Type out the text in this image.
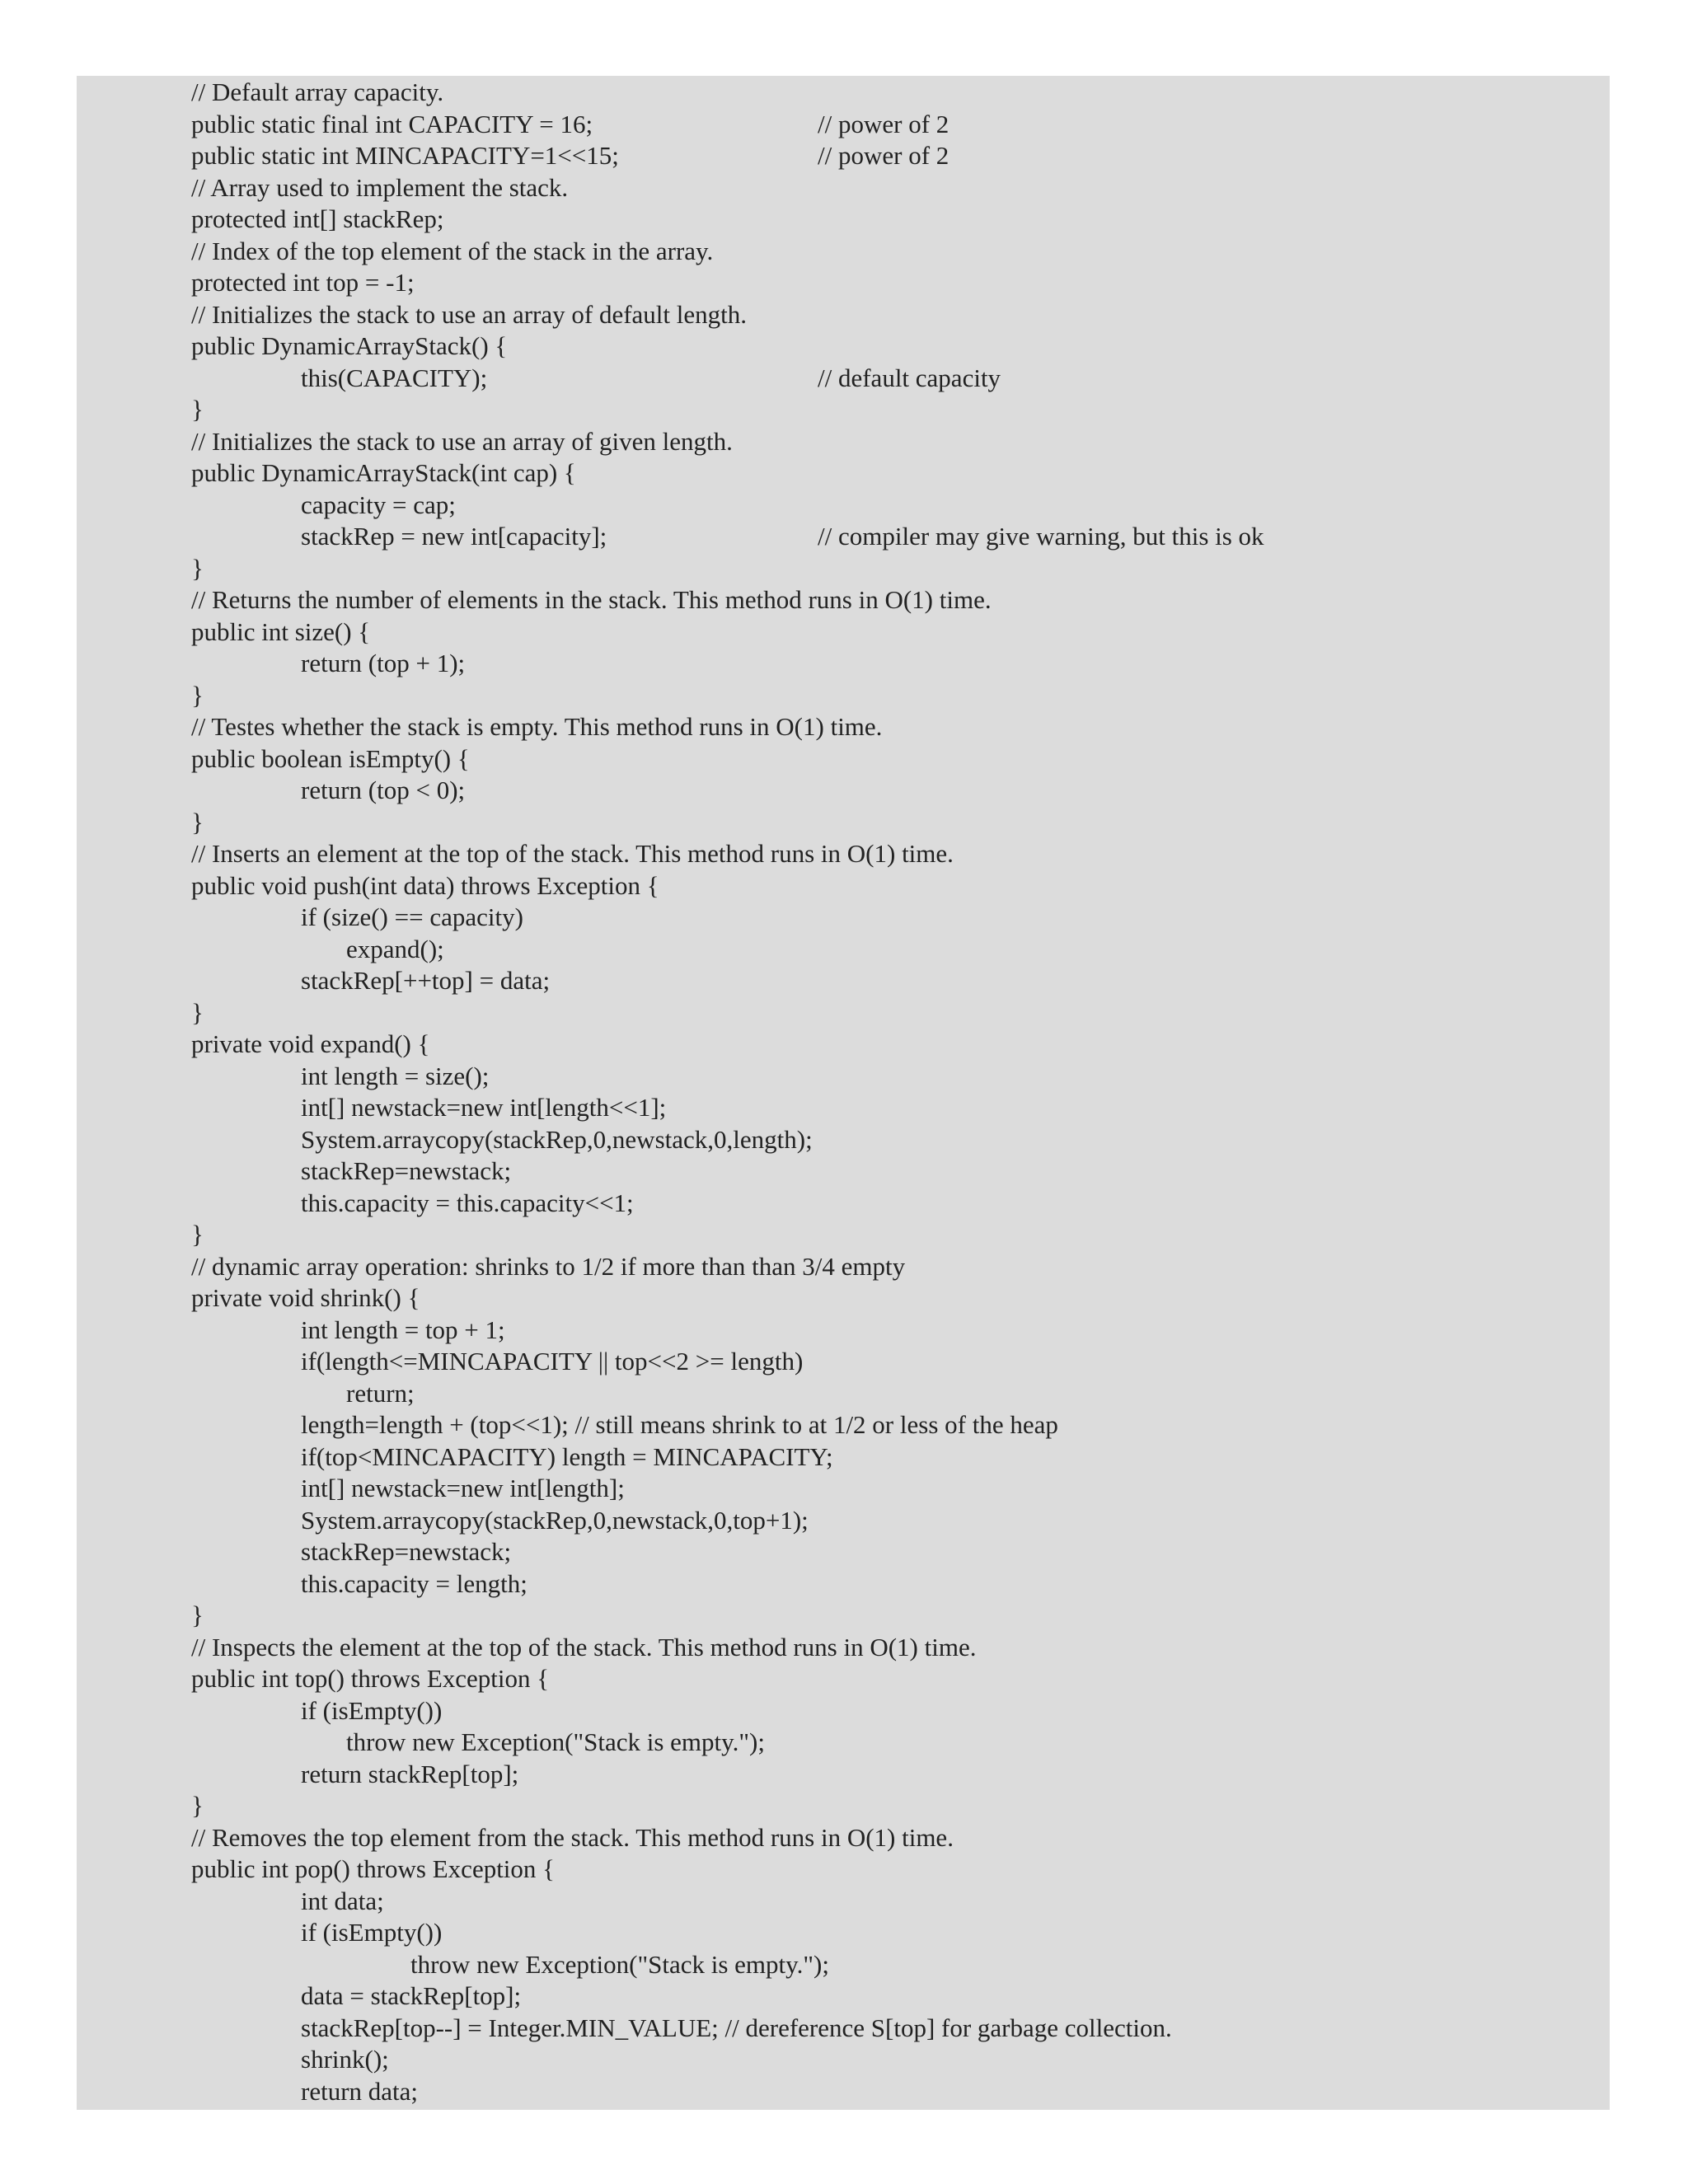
// Default array capacity.
public static final int CAPACITY = 16;	// power of 2
public static int MINCAPACITY=1<<15;	// power of 2
// Array used to implement the stack.
protected int[] stackRep;
// Index of the top element of the stack in the array.
protected int top = -1;
// Initializes the stack to use an array of default length.
public DynamicArrayStack() {
this(CAPACITY);	// default capacity
}
// Initializes the stack to use an array of given length.
public DynamicArrayStack(int cap) {
capacity = cap;
stackRep = new int[capacity];	// compiler may give warning, but this is ok
}
// Returns the number of elements in the stack. This method runs in O(1) time.
public int size() {
return (top + 1);
}
// Testes whether the stack is empty. This method runs in O(1) time.
public boolean isEmpty() {
return (top < 0);
}
// Inserts an element at the top of the stack. This method runs in O(1) time.
public void push(int data) throws Exception {
if (size() == capacity)
expand();
stackRep[++top] = data;
}
private void expand() {
int length = size();
int[] newstack=new int[length<<1];
System.arraycopy(stackRep,0,newstack,0,length);
stackRep=newstack;
this.capacity = this.capacity<<1;
}
// dynamic array operation: shrinks to 1/2 if more than than 3/4 empty
private void shrink() {
int length = top + 1;
if(length<=MINCAPACITY || top<<2 >= length)
return;
length=length + (top<<1); // still means shrink to at 1/2 or less of the heap
if(top<MINCAPACITY) length = MINCAPACITY;
int[] newstack=new int[length];
System.arraycopy(stackRep,0,newstack,0,top+1);
stackRep=newstack;
this.capacity = length;
}
// Inspects the element at the top of the stack. This method runs in O(1) time.
public int top() throws Exception {
if (isEmpty())
throw new Exception("Stack is empty.");
return stackRep[top];
}
// Removes the top element from the stack. This method runs in O(1) time.
public int pop() throws Exception {
int data;
if (isEmpty())
throw new Exception("Stack is empty.");
data = stackRep[top];
stackRep[top--] = Integer.MIN_VALUE; // dereference S[top] for garbage collection.
shrink();
return data;
